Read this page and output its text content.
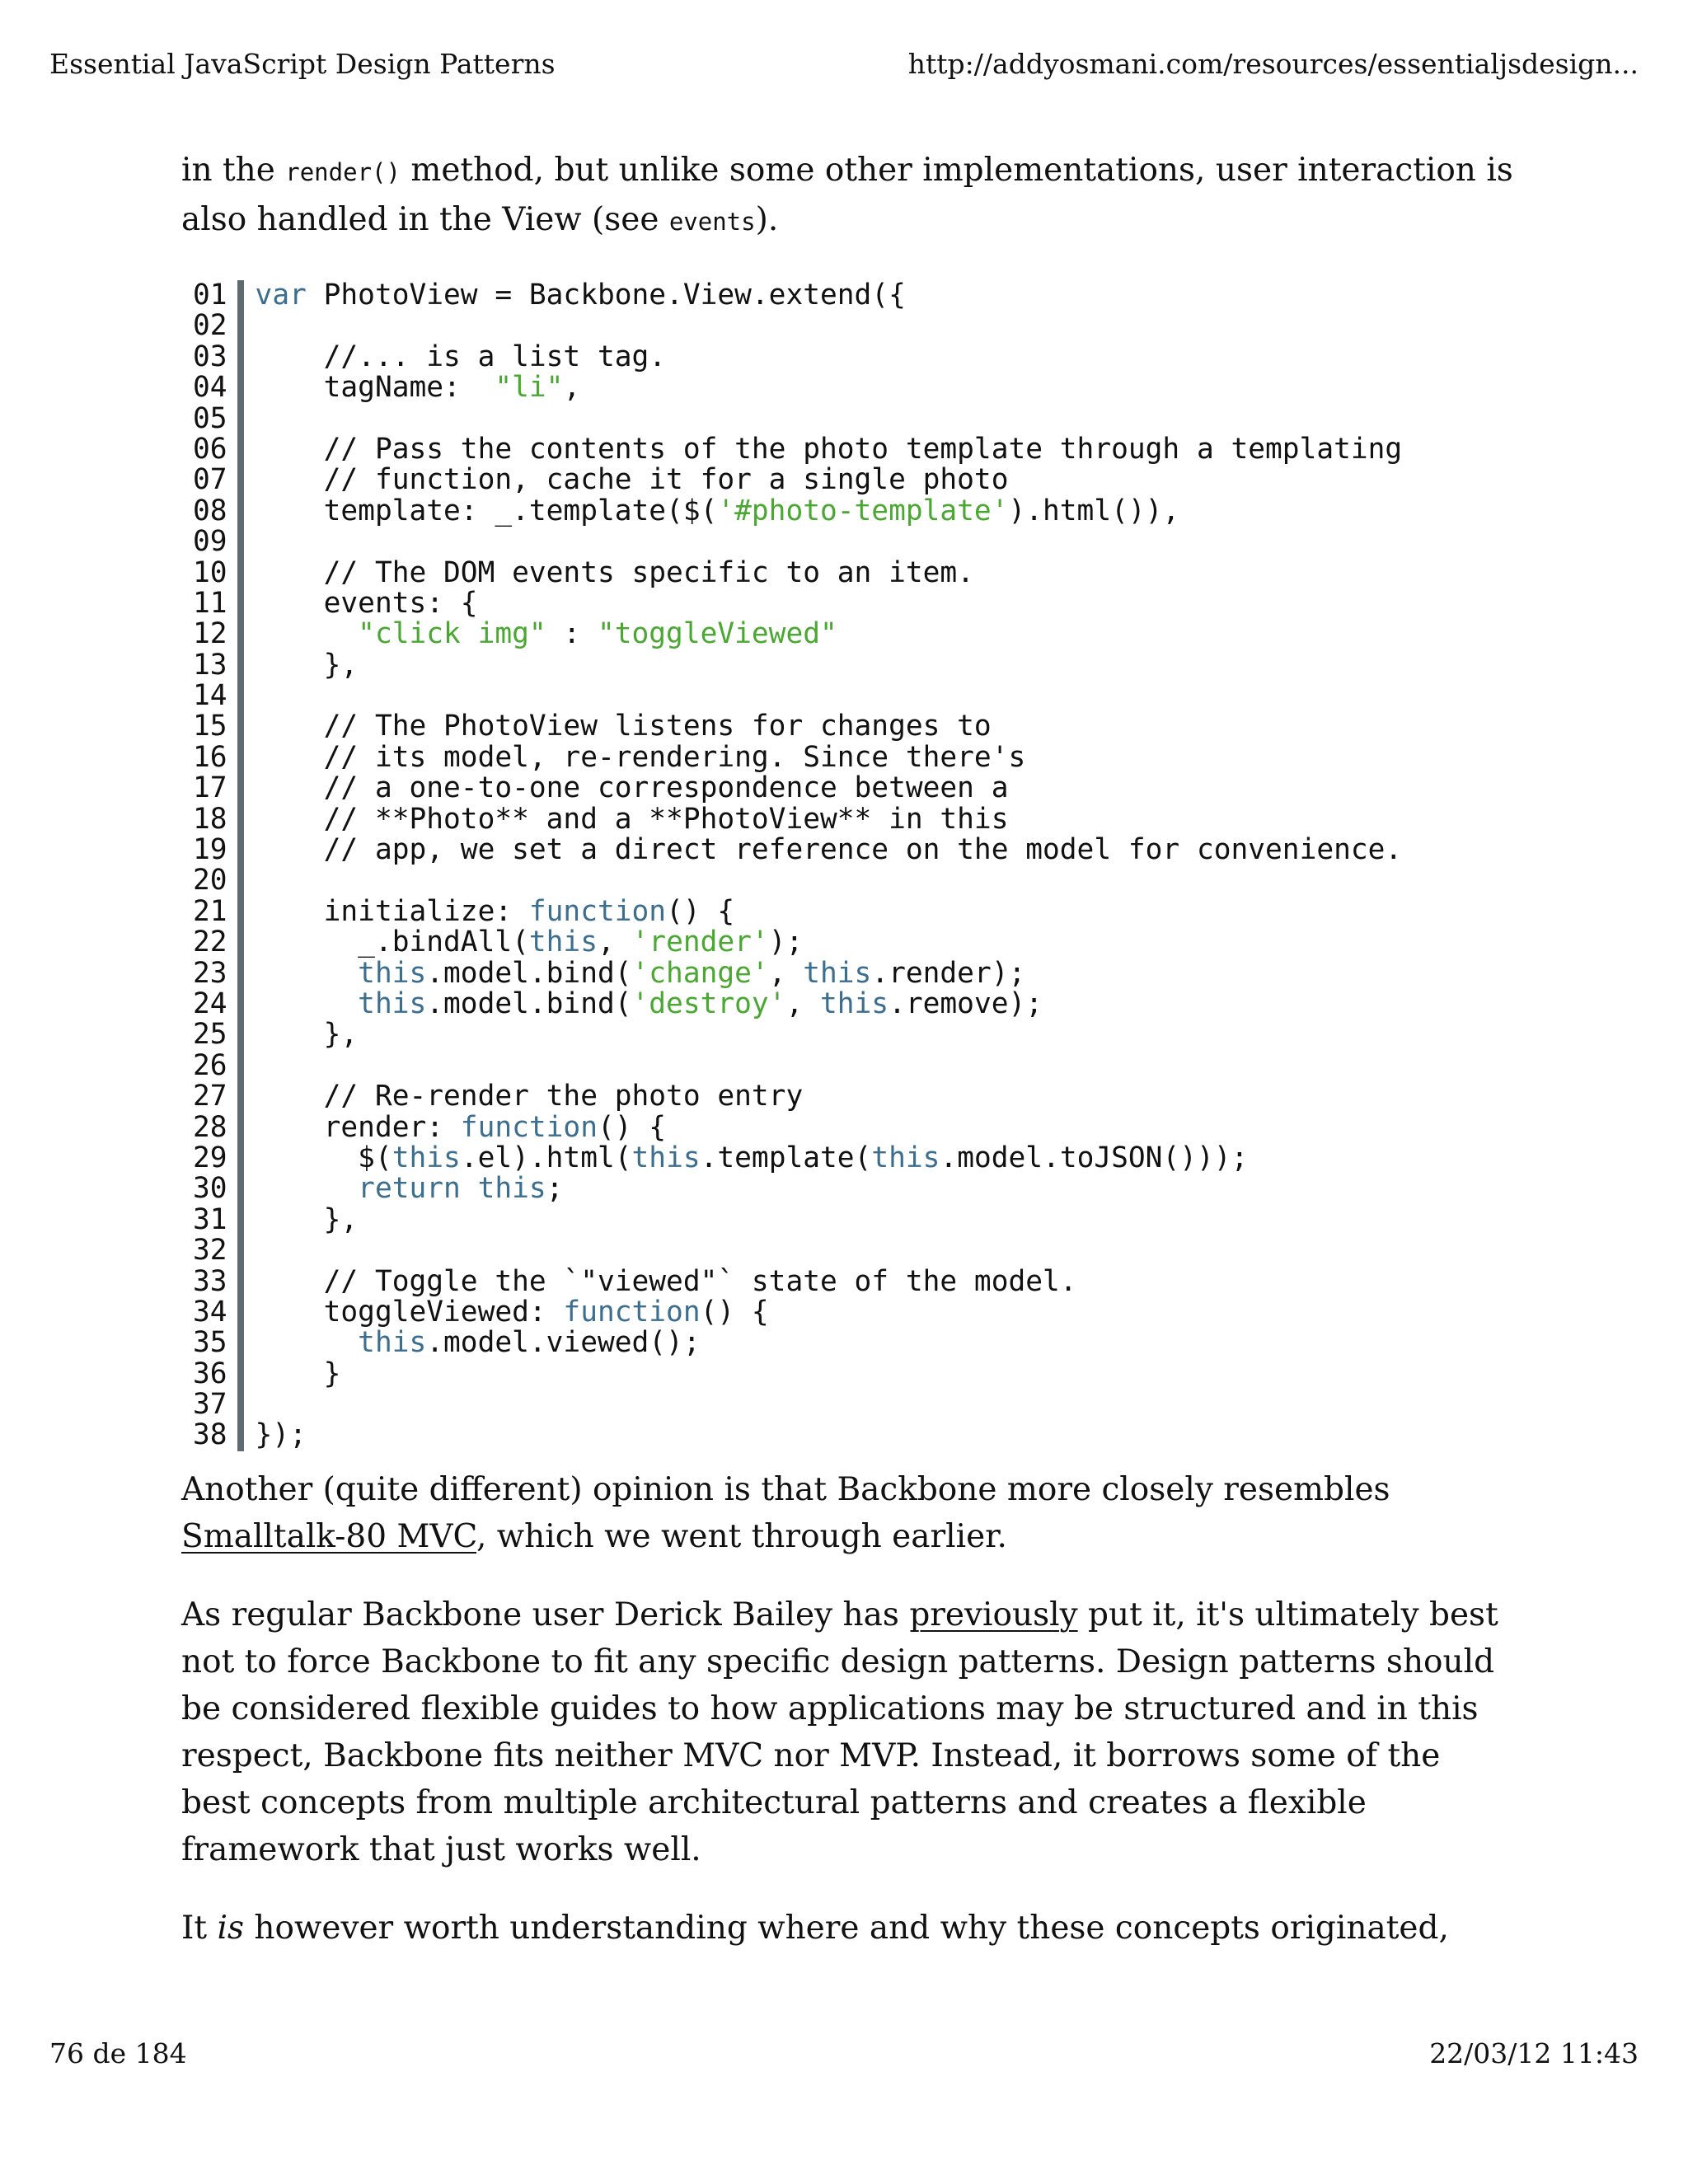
Essential JavaScript Design Patterns	http://addyosmani.com/resources/essentialjsdesign...

in the render() method, but unlike some other implementations, user interaction is also handled in the View (see events).

01
02
03
04
05
06
07
08
09
10
11
12
13
14
15
16
17
18
19
20
21
22
23
24
25
26
27
28
29
30
31
32
33
34
35
36
37
38
var PhotoView = Backbone.View.extend({

//... is a list tag.
tagName:  "li",

// Pass the contents of the photo template through a templating
// function, cache it for a single photo
template: _.template($('#photo-template').html()),

// The DOM events specific to an item.
events: {
"click img" : "toggleViewed"
},

// The PhotoView listens for changes to
// its model, re-rendering. Since there's
// a one-to-one correspondence between a
// **Photo** and a **PhotoView** in this
// app, we set a direct reference on the model for convenience.

initialize: function() {
_.bindAll(this, 'render');
this.model.bind('change', this.render);
this.model.bind('destroy', this.remove);
},

// Re-render the photo entry
render: function() {
$(this.el).html(this.template(this.model.toJSON()));
return this;
},

// Toggle the `"viewed"` state of the model.
toggleViewed: function() {
this.model.viewed();
}

});

Another (quite different) opinion is that Backbone more closely resembles Smalltalk-80 MVC, which we went through earlier.

As regular Backbone user Derick Bailey has previously put it, it's ultimately best not to force Backbone to fit any specific design patterns. Design patterns should be considered flexible guides to how applications may be structured and in this respect, Backbone fits neither MVC nor MVP. Instead, it borrows some of the best concepts from multiple architectural patterns and creates a flexible framework that just works well.

It is however worth understanding where and why these concepts originated,

76 de 184	22/03/12 11:43
